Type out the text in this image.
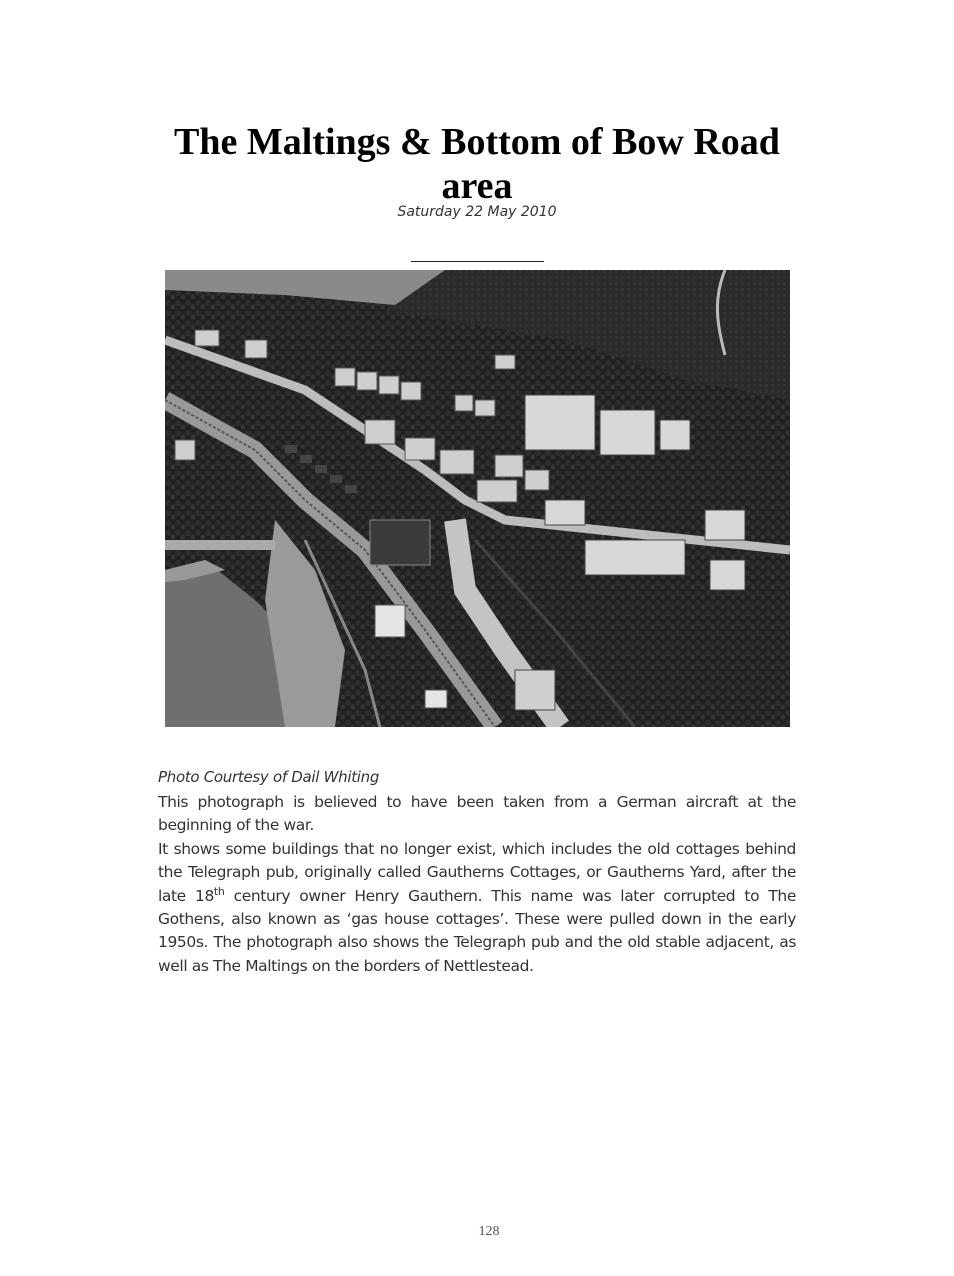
The Maltings & Bottom of Bow Road area
Saturday 22 May 2010
Photo Courtesy of Dail Whiting

This photograph is believed to have been taken from a German aircraft at the beginning of the war.

It shows some buildings that no longer exist, which includes the old cottages behind the Telegraph pub, originally called Gautherns Cottages, or Gautherns Yard, after the late 18th century owner Henry Gauthern. This name was later corrupted to The Gothens, also known as ‘gas house cottages’. These were pulled down in the early 1950s. The photograph also shows the Telegraph pub and the old stable adjacent, as well as The Maltings on the borders of Nettlestead.

128
